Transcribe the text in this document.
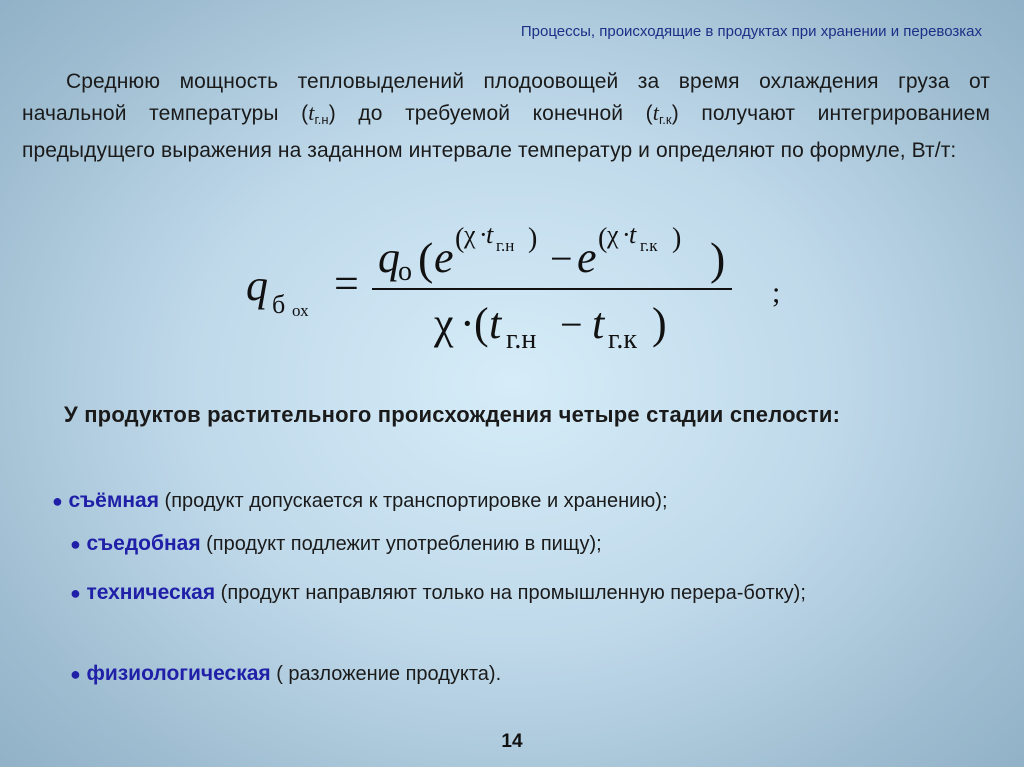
Процессы, происходящие в продуктах при хранении и перевозках
Среднюю мощность тепловыделений плодоовощей за время охлаждения груза от начальной температуры $(t_{г.н})$ до требуемой конечной $(t_{г.к})$ получают интегрированием предыдущего выражения на заданном интервале температур и определяют по формуле, Вт/т:
q б ох
=
q
о ( e ( χ ·
t г.н ) − e ( χ ·
t г.к ) )
χ · ( t г.н − t г.к )
;
У продуктов растительного происхождения четыре стадии спелости:
● съёмная (продукт допускается к транспортировке и хранению);
● съедобная (продукт подлежит употреблению в пищу);
● техническая (продукт направляют только на промышленную перера-ботку);
● физиологическая ( разложение продукта).
14
